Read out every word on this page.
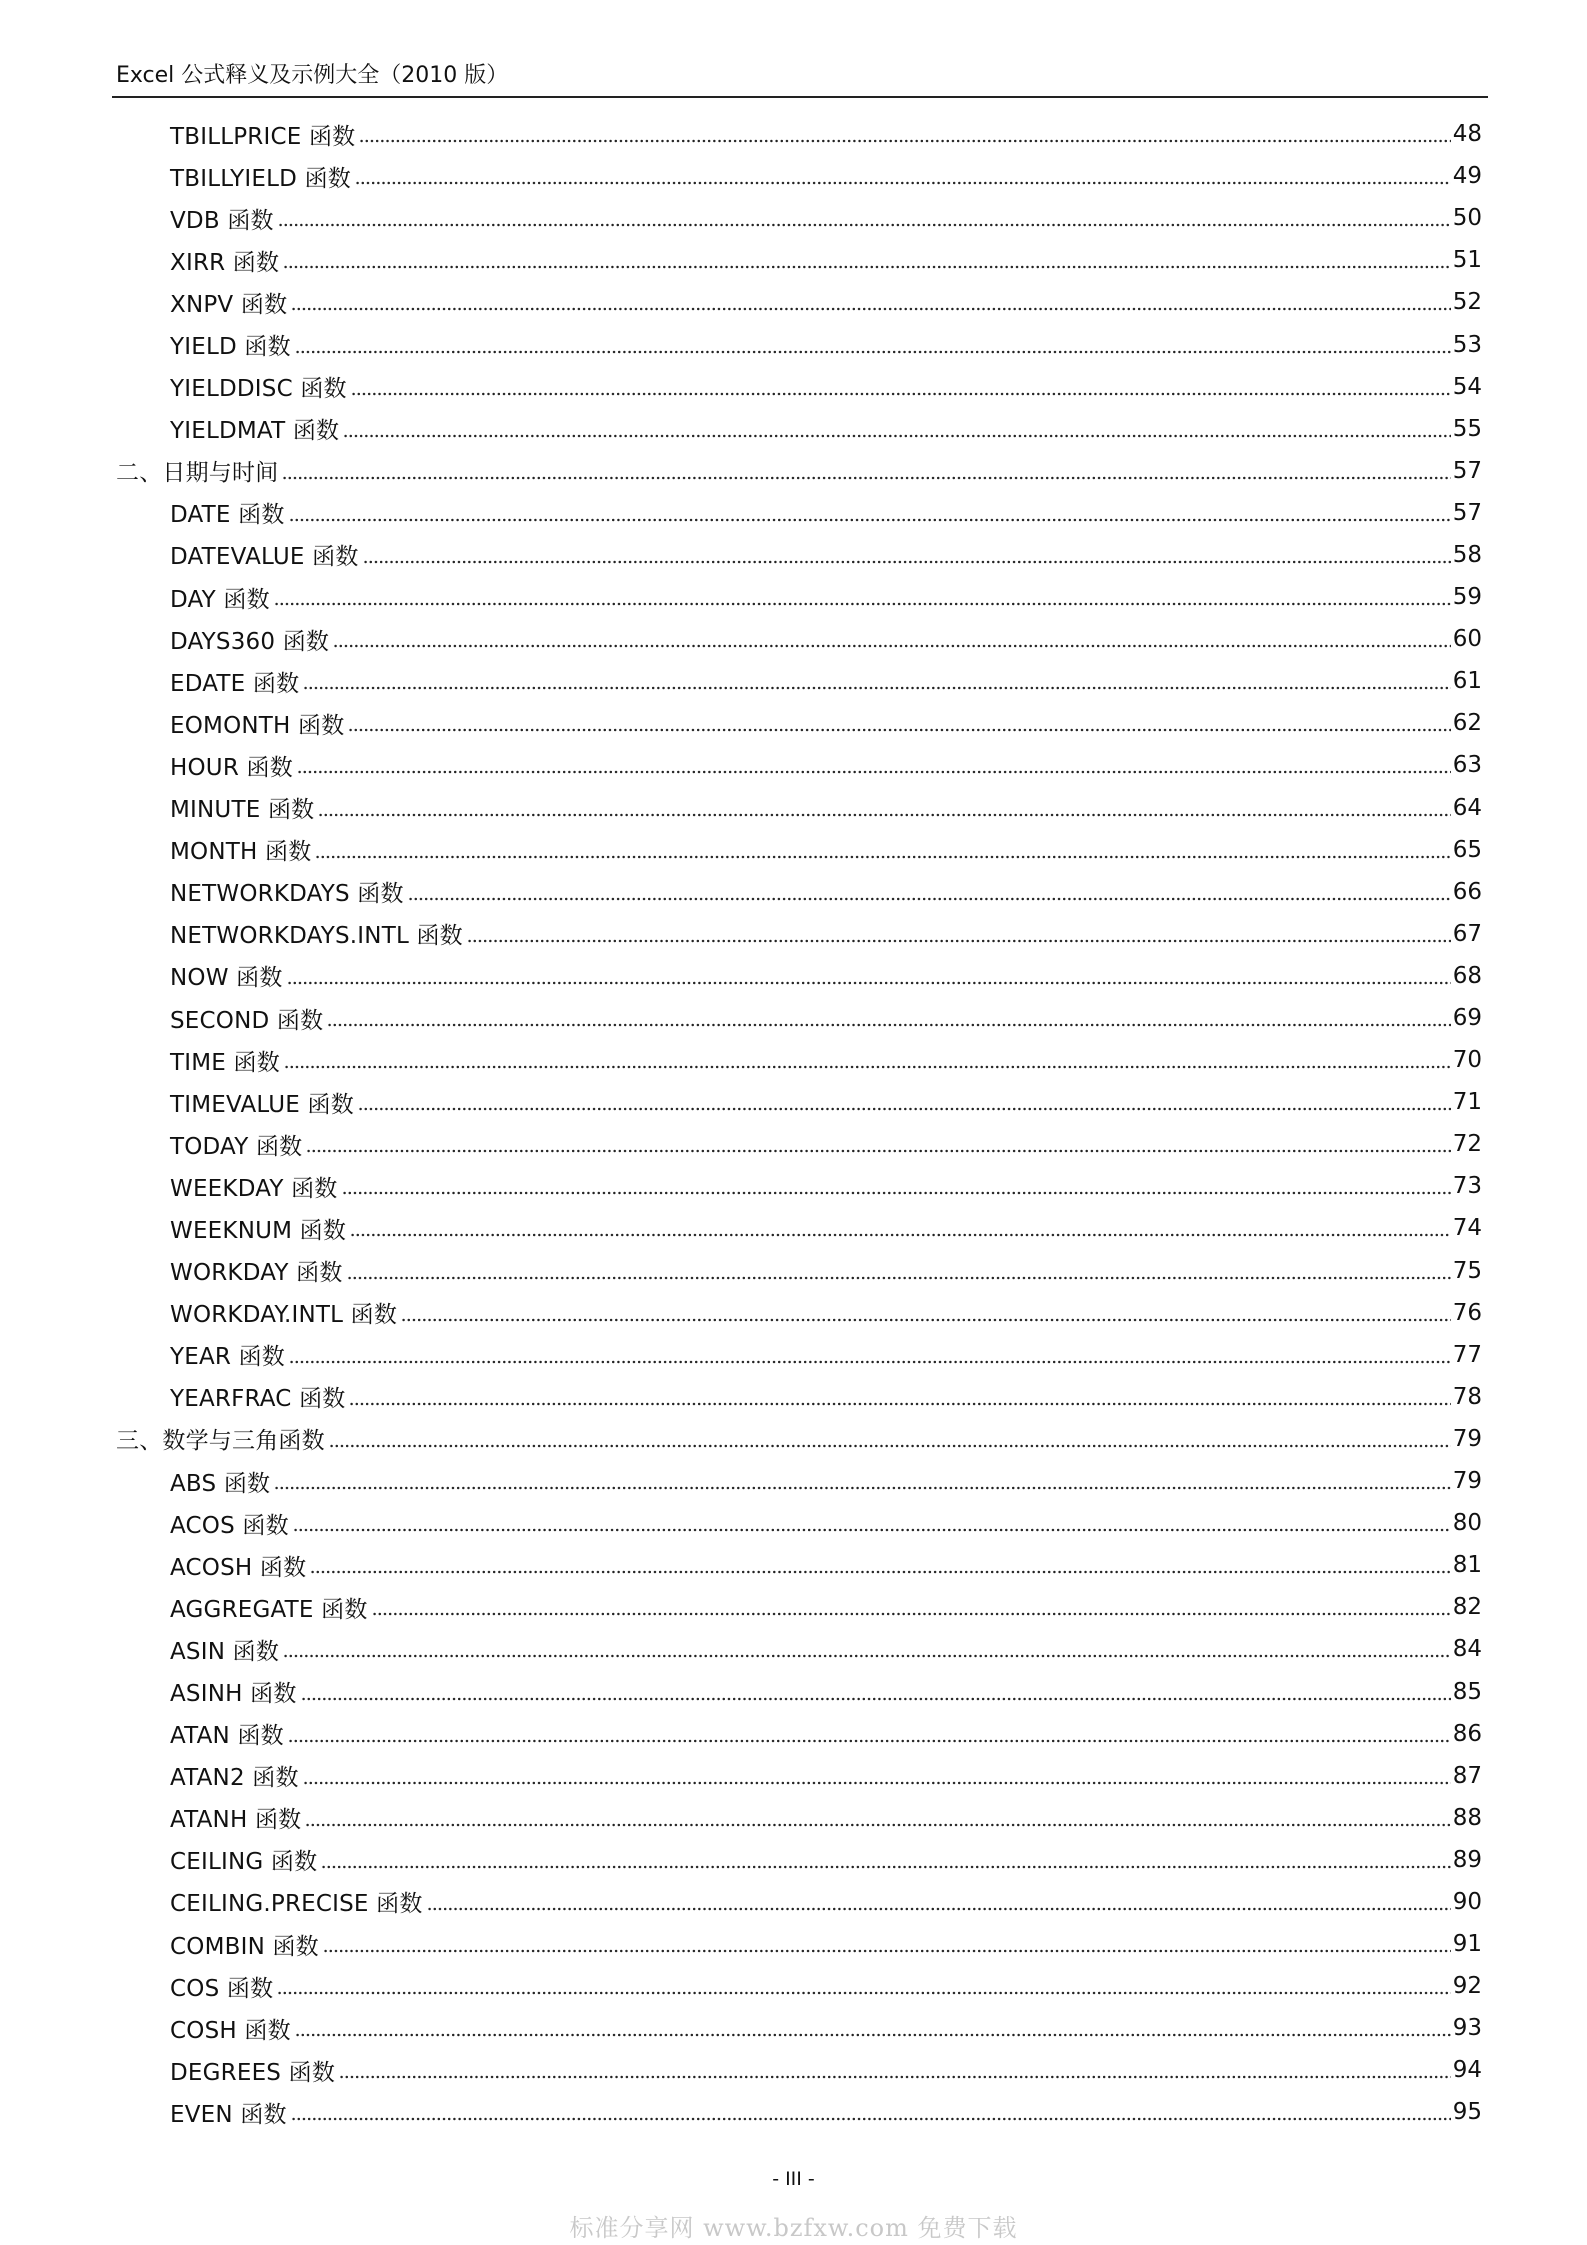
Excel 公式释义及示例大全（2010 版）
TBILLPRICE 函数	48
TBILLYIELD 函数	49
VDB 函数	50
XIRR 函数	51
XNPV 函数	52
YIELD 函数	53
YIELDDISC 函数	54
YIELDMAT 函数	55
二、日期与时间	57
DATE 函数	57
DATEVALUE 函数	58
DAY 函数	59
DAYS360 函数	60
EDATE 函数	61
EOMONTH 函数	62
HOUR 函数	63
MINUTE 函数	64
MONTH 函数	65
NETWORKDAYS 函数	66
NETWORKDAYS.INTL 函数	67
NOW 函数	68
SECOND 函数	69
TIME 函数	70
TIMEVALUE 函数	71
TODAY 函数	72
WEEKDAY 函数	73
WEEKNUM 函数	74
WORKDAY 函数	75
WORKDAY.INTL 函数	76
YEAR 函数	77
YEARFRAC 函数	78
三、数学与三角函数	79
ABS 函数	79
ACOS 函数	80
ACOSH 函数	81
AGGREGATE 函数	82
ASIN 函数	84
ASINH 函数	85
ATAN 函数	86
ATAN2 函数	87
ATANH 函数	88
CEILING 函数	89
CEILING.PRECISE 函数	90
COMBIN 函数	91
COS 函数	92
COSH 函数	93
DEGREES 函数	94
EVEN 函数	95
- III -
标准分享网 www.bzfxw.com 免费下载
